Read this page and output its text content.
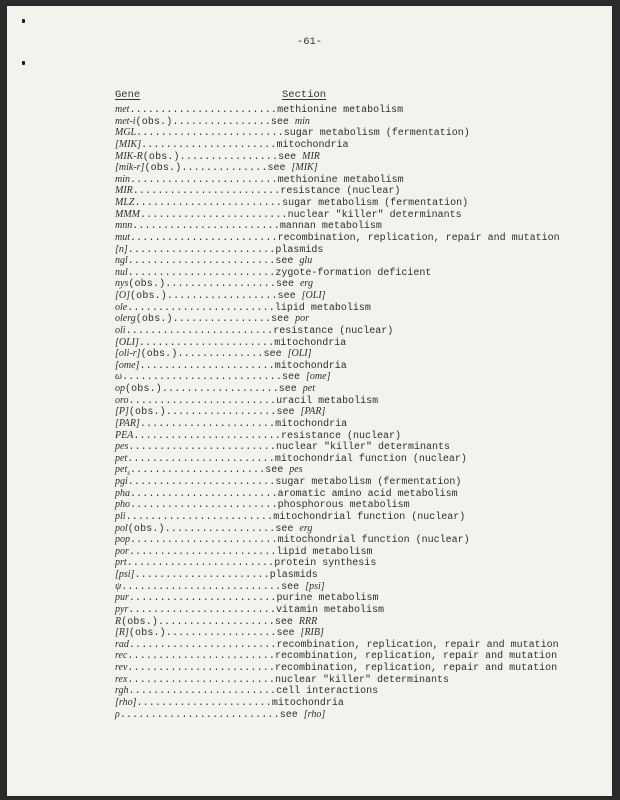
-61-
Gene	Section
met........................methionine metabolism
met-i(obs.)................see min
MGL........................sugar metabolism (fermentation)
[MIK]......................mitochondria
MIK-R(obs.)................see MIR
[mik-r](obs.)..............see [MIK]
min........................methionine metabolism
MIR........................resistance (nuclear)
MLZ........................sugar metabolism (fermentation)
MMM........................nuclear "killer" determinants
mnn........................mannan metabolism
mut........................recombination, replication, repair and mutation
[n]........................plasmids
ngl........................see glu
nul........................zygote-formation deficient
nys(obs.)..................see erg
[O](obs.)..................see [OLI]
ole........................lipid metabolism
olerg(obs.)................see por
oli........................resistance (nuclear)
[OLI]......................mitochondria
[oli-r](obs.)..............see [OLI]
[ome]......................mitochondria
ω..........................see [ome]
op(obs.)...................see pet
oro........................uracil metabolism
[P](obs.)..................see [PAR]
[PAR]......................mitochondria
PEA........................resistance (nuclear)
pes........................nuclear "killer" determinants
pet........................mitochondrial function (nuclear)
pet$_s$......................see pes
pgi........................sugar metabolism (fermentation)
pha........................aromatic amino acid metabolism
pho........................phosphorous metabolism
pli........................mitochondrial function (nuclear)
pol(obs.)..................see erg
pop........................mitochondrial function (nuclear)
por........................lipid metabolism
prt........................protein synthesis
[psi]......................plasmids
ψ..........................see [psi]
pur........................purine metabolism
pyr........................vitamin metabolism
R(obs.)...................see RRR
[R](obs.)..................see [RIB]
rad........................recombination, replication, repair and mutation
rec........................recombination, replication, repair and mutation
rev........................recombination, replication, repair and mutation
rex........................nuclear "killer" determinants
rgh........................cell interactions
[rho]......................mitochondria
ρ..........................see [rho]
